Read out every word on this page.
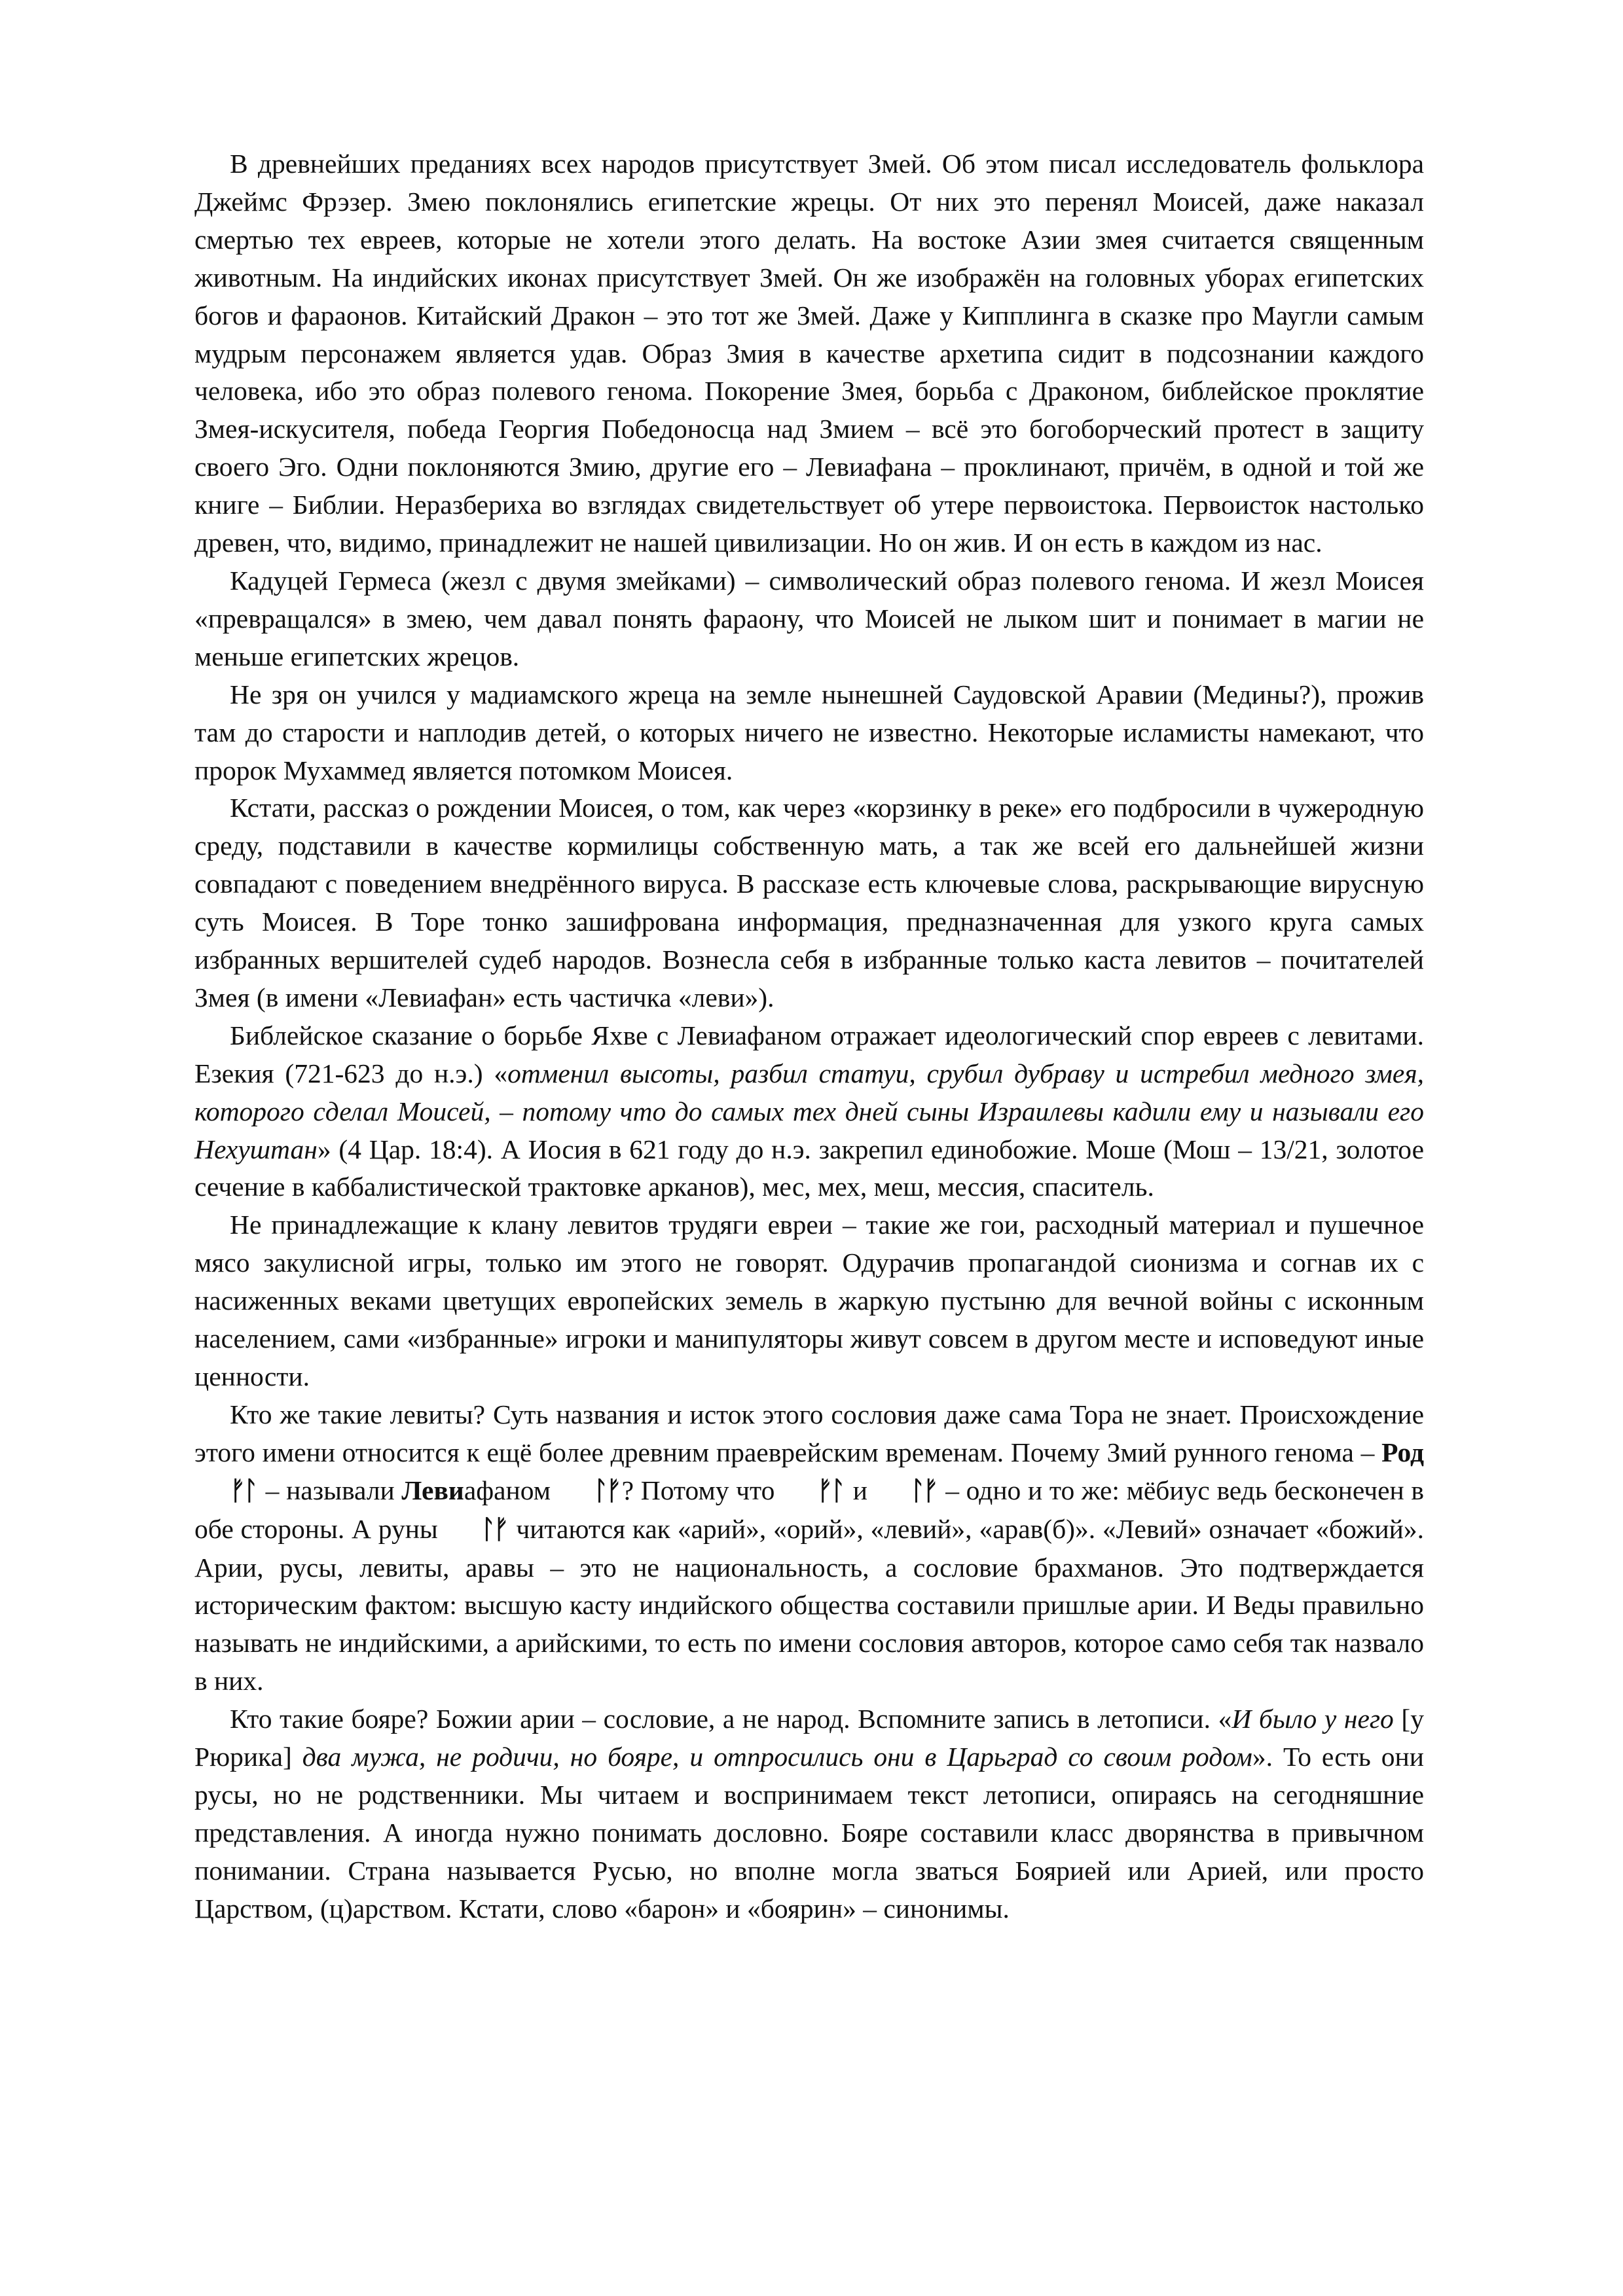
В древнейших преданиях всех народов присутствует Змей. Об этом писал исследователь фольклора Джеймс Фрэзер. Змею поклонялись египетские жрецы. От них это перенял Моисей, даже наказал смертью тех евреев, которые не хотели этого делать. На востоке Азии змея считается священным животным. На индийских иконах присутствует Змей. Он же изображён на головных уборах египетских богов и фараонов. Китайский Дракон – это тот же Змей. Даже у Кипплинга в сказке про Маугли самым мудрым персонажем является удав. Образ Змия в качестве архетипа сидит в подсознании каждого человека, ибо это образ полевого генома. Покорение Змея, борьба с Драконом, библейское проклятие Змея-искусителя, победа Георгия Победоносца над Змием – всё это богоборческий протест в защиту своего Эго. Одни поклоняются Змию, другие его – Левиафана – проклинают, причём, в одной и той же книге – Библии. Неразбериха во взглядах свидетельствует об утере первоистока. Первоисток настолько древен, что, видимо, принадлежит не нашей цивилизации. Но он жив. И он есть в каждом из нас.

Кадуцей Гермеса (жезл с двумя змейками) – символический образ полевого генома. И жезл Моисея «превращался» в змею, чем давал понять фараону, что Моисей не лыком шит и понимает в магии не меньше египетских жрецов.

Не зря он учился у мадиамского жреца на земле нынешней Саудовской Аравии (Медины?), прожив там до старости и наплодив детей, о которых ничего не известно. Некоторые исламисты намекают, что пророк Мухаммед является потомком Моисея.

Кстати, рассказ о рождении Моисея, о том, как через «корзинку в реке» его подбросили в чужеродную среду, подставили в качестве кормилицы собственную мать, а так же всей его дальнейшей жизни совпадают с поведением внедрённого вируса. В рассказе есть ключевые слова, раскрывающие вирусную суть Моисея. В Торе тонко зашифрована информация, предназначенная для узкого круга самых избранных вершителей судеб народов. Вознесла себя в избранные только каста левитов – почитателей Змея (в имени «Левиафан» есть частичка «леви»).

Библейское сказание о борьбе Яхве с Левиафаном отражает идеологический спор евреев с левитами. Езекия (721-623 до н.э.) «отменил высоты, разбил статуи, срубил дубраву и истребил медного змея, которого сделал Моисей, – потому что до самых тех дней сыны Израилевы кадили ему и называли его Нехуштан» (4 Цар. 18:4). А Иосия в 621 году до н.э. закрепил единобожие. Моше (Мош – 13/21, золотое сечение в каббалистической трактовке арканов), мес, мех, меш, мессия, спаситель.

Не принадлежащие к клану левитов трудяги евреи – такие же гои, расходный материал и пушечное мясо закулисной игры, только им этого не говорят. Одурачив пропагандой сионизма и согнав их с насиженных веками цветущих европейских земель в жаркую пустыню для вечной войны с исконным населением, сами «избранные» игроки и манипуляторы живут совсем в другом месте и исповедуют иные ценности.

Кто же такие левиты? Суть названия и исток этого сословия даже сама Тора не знает. Происхождение этого имени относится к ещё более древним праеврейским временам. Почему Змий рунного генома – Род ᚠᛚ – называли Левиафаном ᛚᚠ? Потому что ᚠᛚ и ᛚᚠ – одно и то же: мёбиус ведь бесконечен в обе стороны. А руны ᛚᚠ читаются как «арий», «орий», «левий», «арав(б)». «Левий» означает «божий». Арии, русы, левиты, аравы – это не национальность, а сословие брахманов. Это подтверждается историческим фактом: высшую касту индийского общества составили пришлые арии. И Веды правильно называть не индийскими, а арийскими, то есть по имени сословия авторов, которое само себя так назвало в них.

Кто такие бояре? Божии арии – сословие, а не народ. Вспомните запись в летописи. «И было у него [у Рюрика] два мужа, не родичи, но бояре, и отпросились они в Царьград со своим родом». То есть они русы, но не родственники. Мы читаем и воспринимаем текст летописи, опираясь на сегодняшние представления. А иногда нужно понимать дословно. Бояре составили класс дворянства в привычном понимании. Страна называется Русью, но вполне могла зваться Боярией или Арией, или просто Царством, (ц)арством. Кстати, слово «барон» и «боярин» – синонимы.
